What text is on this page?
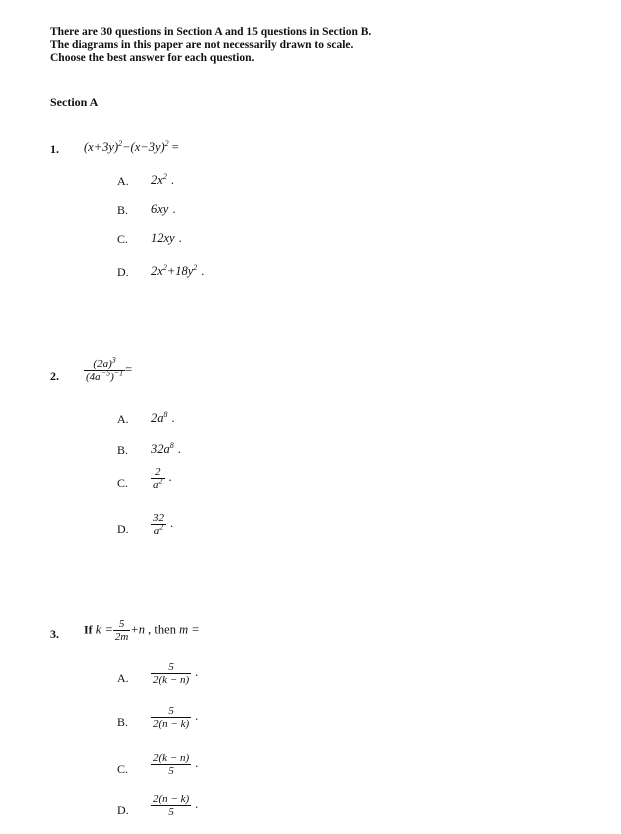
There are 30 questions in Section A and 15 questions in Section B.
The diagrams in this paper are not necessarily drawn to scale.
Choose the best answer for each question.
Section A
1. $(x+3y)^2-(x-3y)^2$ =
A. $2x^2$ .
B. 6xy .
C. 12xy .
D. $2x^2+18y^2$ .
2. $\frac{(2a)^3}{(4a^{-5})^{-1}}$ =
A. $2a^8$ .
B. $32a^8$ .
C. $\frac{2}{a^2}$ .
D. $\frac{32}{a^2}$ .
3. If $k = \frac{5}{2m} +n$ , then m =
A. $\frac{5}{2(k - n)}$ .
B. $\frac{5}{2(n - k)}$ .
C. $\frac{2(k - n)}{5}$ .
D. $\frac{2(n - k)}{5}$ .
